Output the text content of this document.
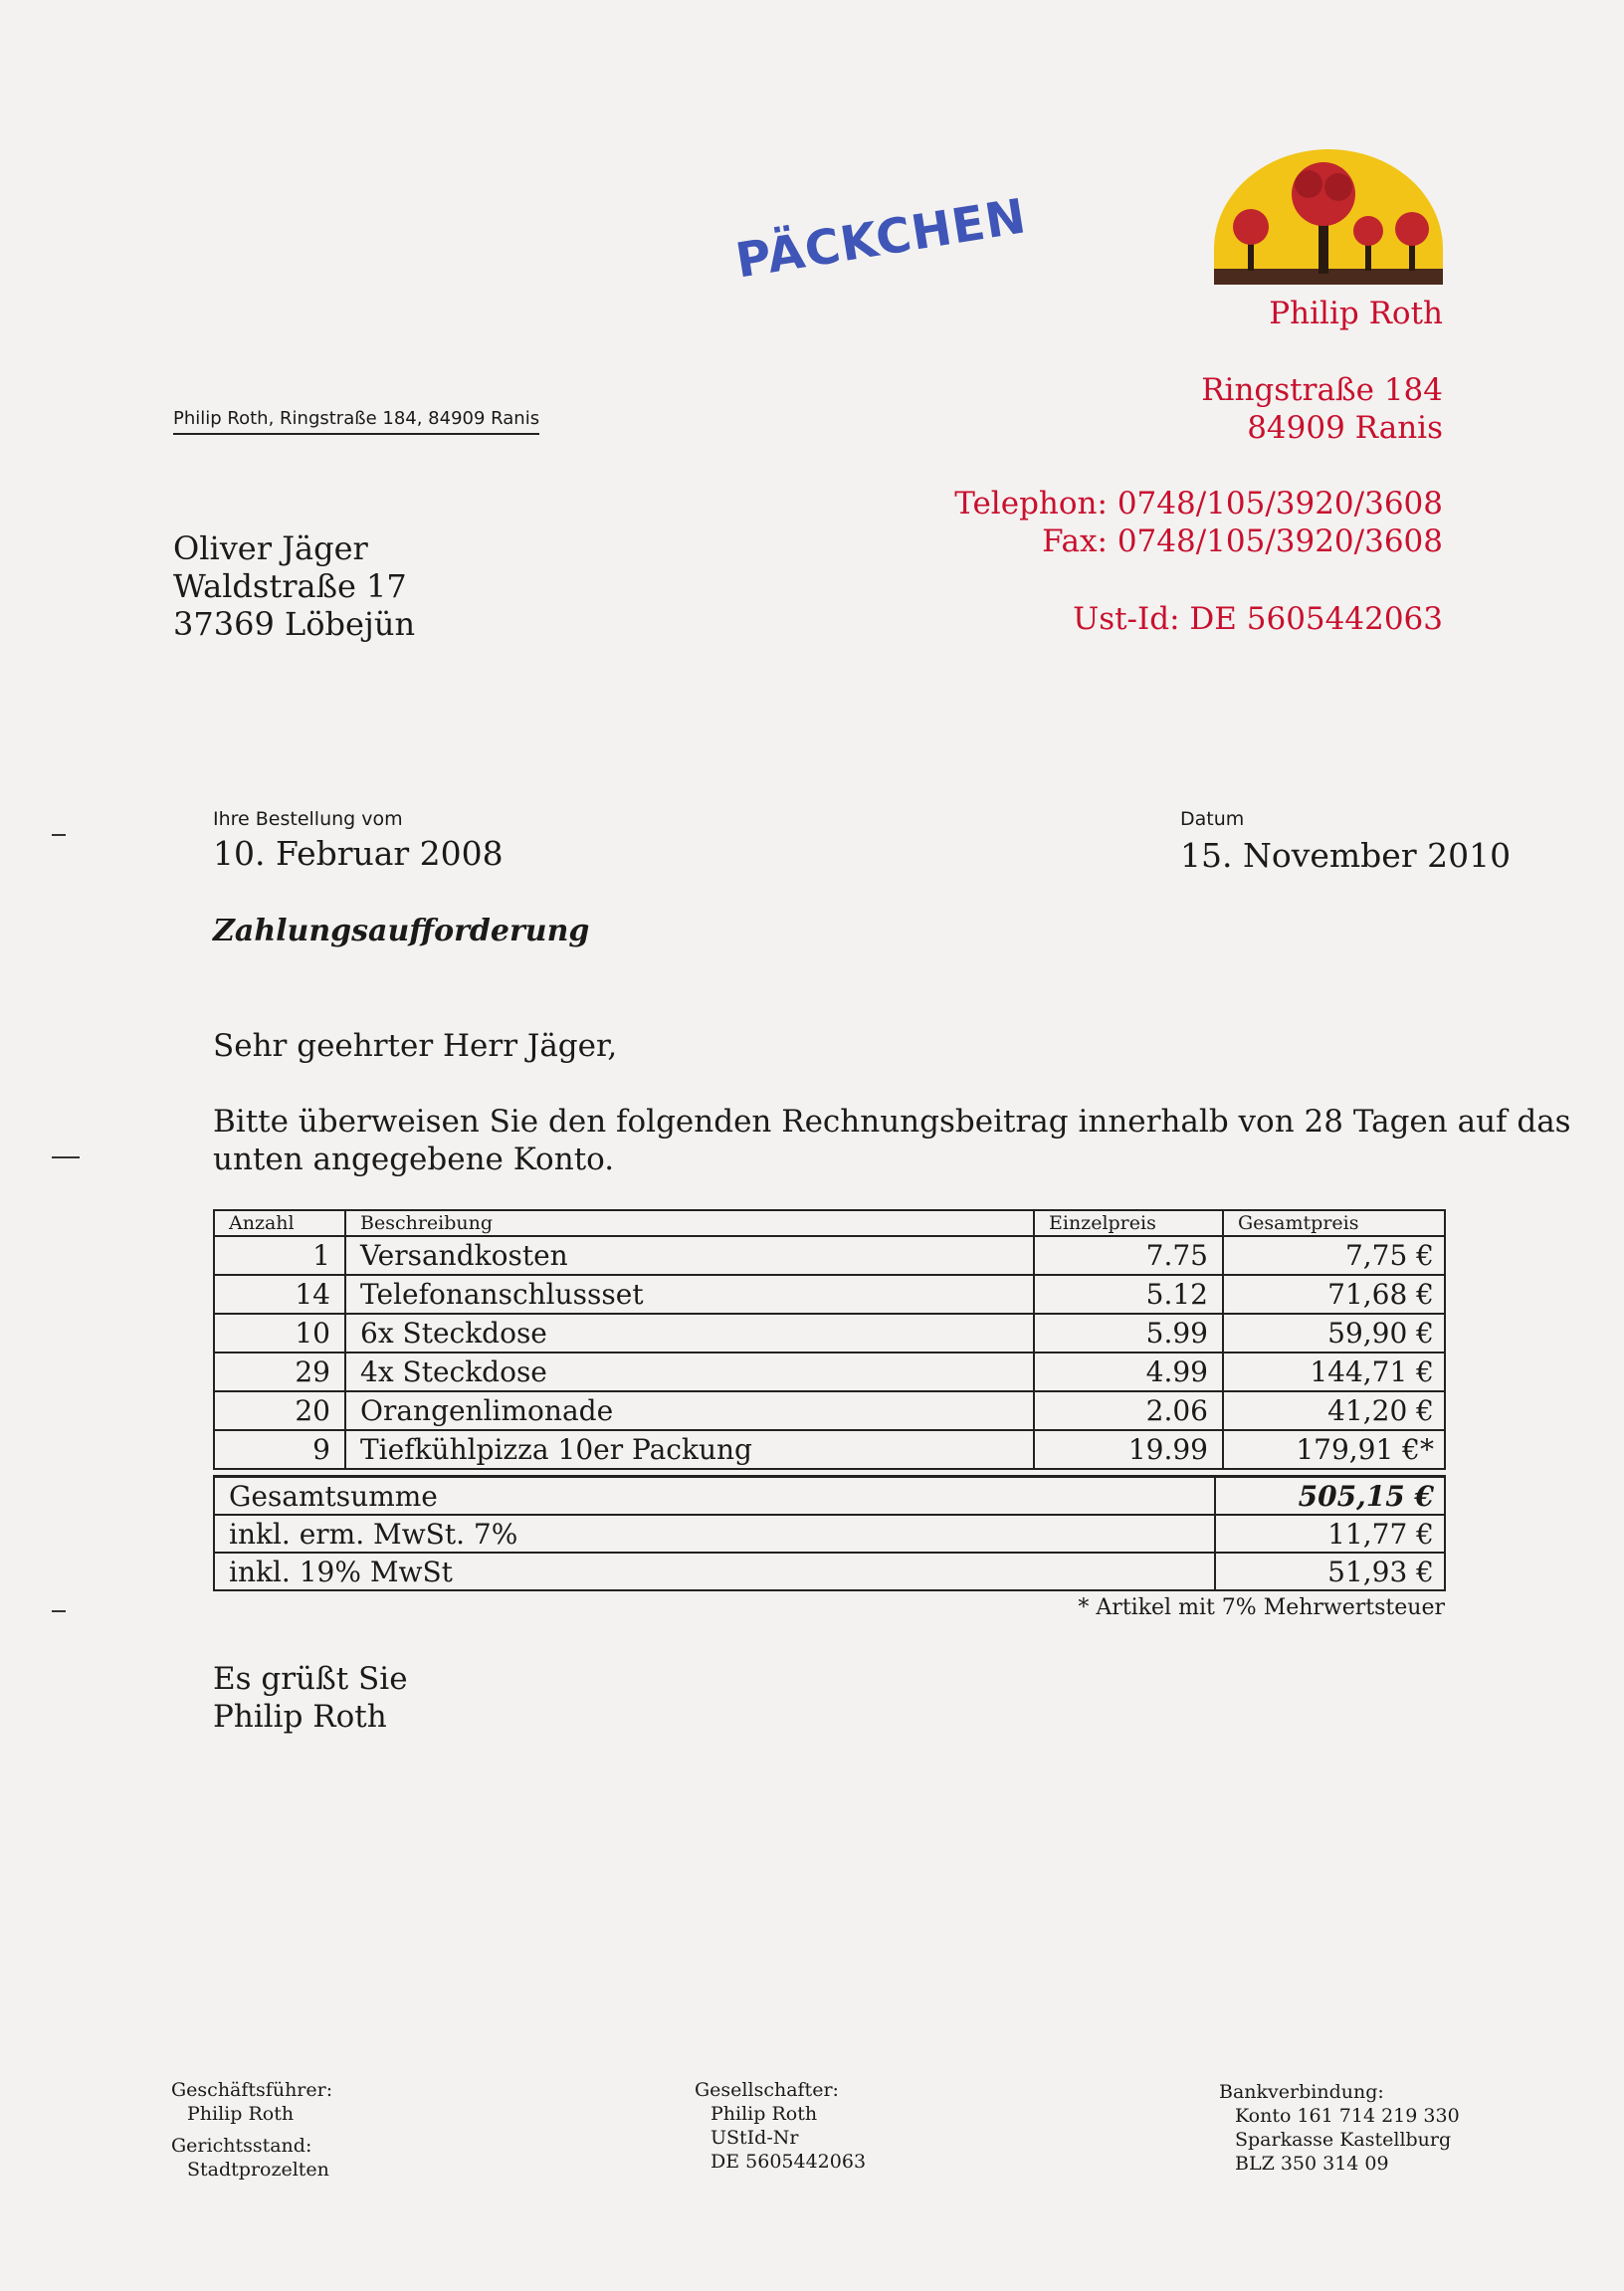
PÄCKCHEN
Philip Roth
Ringstraße 184
84909 Ranis
Telephon: 0748/105/3920/3608
Fax: 0748/105/3920/3608
Ust-Id: DE 5605442063
Philip Roth, Ringstraße 184, 84909 Ranis
Oliver Jäger
Waldstraße 17
37369 Löbejün
Ihre Bestellung vom
10. Februar 2008
Datum
15. November 2010
Zahlungsaufforderung
Sehr geehrter Herr Jäger,
Bitte überweisen Sie den folgenden Rechnungsbeitrag innerhalb von 28 Tagen auf das
unten angegebene Konto.
Anzahl	Beschreibung	Einzelpreis	Gesamtpreis
1	Versandkosten	7.75	7,75 €
14	Telefonanschlussset	5.12	71,68 €
10	6x Steckdose	5.99	59,90 €
29	4x Steckdose	4.99	144,71 €
20	Orangenlimonade	2.06	41,20 €
9	Tiefkühlpizza 10er Packung	19.99	179,91 €*
Gesamtsumme	505,15 €
inkl. erm. MwSt. 7%	11,77 €
inkl. 19% MwSt	51,93 €
* Artikel mit 7% Mehrwertsteuer
Es grüßt Sie
Philip Roth
Geschäftsführer:
Philip Roth
Gerichtsstand:
Stadtprozelten
Gesellschafter:
Philip Roth
UStId-Nr
DE 5605442063
Bankverbindung:
Konto 161 714 219 330
Sparkasse Kastellburg
BLZ 350 314 09
